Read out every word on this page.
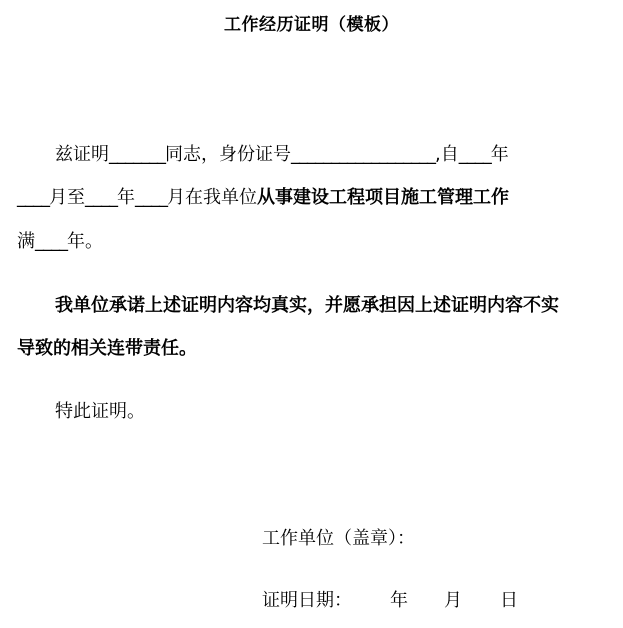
工作经历证明（模板）
兹证明_______同志，身份证号__________________,自____年
____月至____年____月在我单位从事建设工程项目施工管理工作
满____年。
我单位承诺上述证明内容均真实，并愿承担因上述证明内容不实
导致的相关连带责任。
特此证明。
工作单位（盖章）：
证明日期： 年 月 日
